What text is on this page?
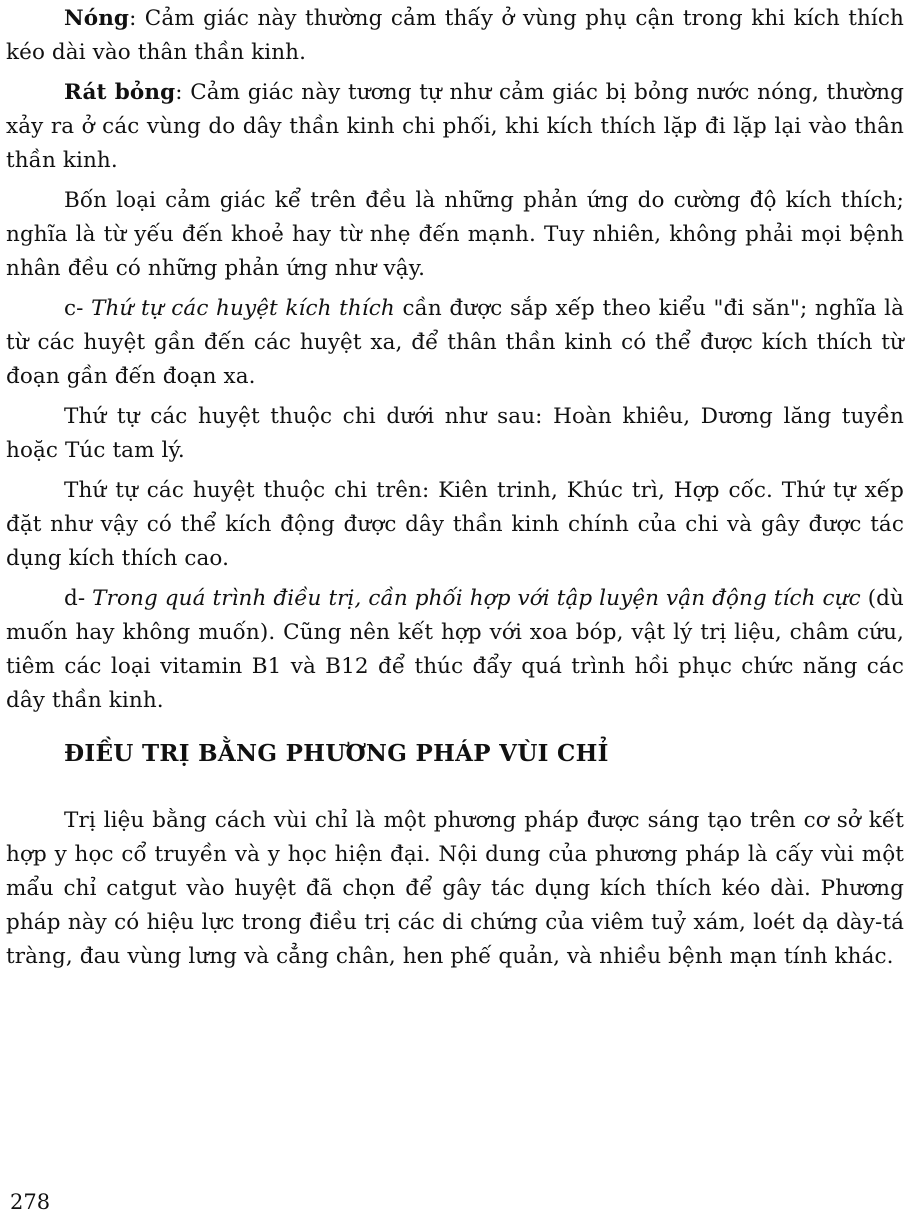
Nóng: Cảm giác này thường cảm thấy ở vùng phụ cận trong khi kích thích kéo dài vào thân thần kinh.

Rát bỏng: Cảm giác này tương tự như cảm giác bị bỏng nước nóng, thường xảy ra ở các vùng do dây thần kinh chi phối, khi kích thích lặp đi lặp lại vào thân thần kinh.

Bốn loại cảm giác kể trên đều là những phản ứng do cường độ kích thích; nghĩa là từ yếu đến khoẻ hay từ nhẹ đến mạnh. Tuy nhiên, không phải mọi bệnh nhân đều có những phản ứng như vậy.

c- Thứ tự các huyệt kích thích cần được sắp xếp theo kiểu "đi săn"; nghĩa là từ các huyệt gần đến các huyệt xa, để thân thần kinh có thể được kích thích từ đoạn gần đến đoạn xa.

Thứ tự các huyệt thuộc chi dưới như sau: Hoàn khiêu, Dương lăng tuyền hoặc Túc tam lý.

Thứ tự các huyệt thuộc chi trên: Kiên trinh, Khúc trì, Hợp cốc. Thứ tự xếp đặt như vậy có thể kích động được dây thần kinh chính của chi và gây được tác dụng kích thích cao.

d- Trong quá trình điều trị, cần phối hợp với tập luyện vận động tích cực (dù muốn hay không muốn). Cũng nên kết hợp với xoa bóp, vật lý trị liệu, châm cứu, tiêm các loại vitamin B1 và B12 để thúc đẩy quá trình hồi phục chức năng các dây thần kinh.

ĐIỀU TRỊ BẰNG PHƯƠNG PHÁP VÙI CHỈ

Trị liệu bằng cách vùi chỉ là một phương pháp được sáng tạo trên cơ sở kết hợp y học cổ truyền và y học hiện đại. Nội dung của phương pháp là cấy vùi một mẩu chỉ catgut vào huyệt đã chọn để gây tác dụng kích thích kéo dài. Phương pháp này có hiệu lực trong điều trị các di chứng của viêm tuỷ xám, loét dạ dày-tá tràng, đau vùng lưng và cẳng chân, hen phế quản, và nhiều bệnh mạn tính khác.

278
